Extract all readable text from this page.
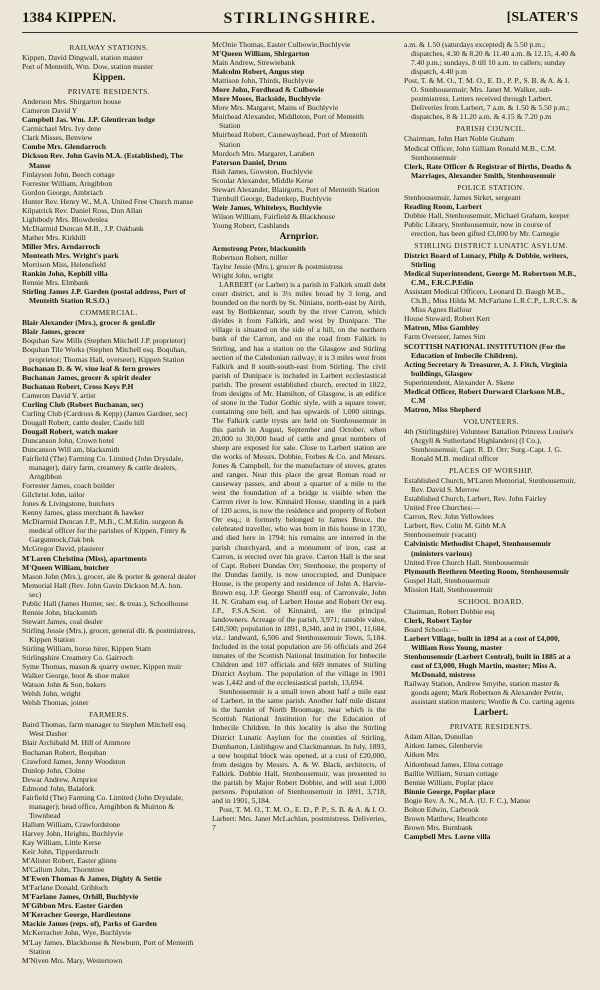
1384 KIPPEN.	STIRLINGSHIRE.	[SLATER'S

RAILWAY STATIONS.

Kippen, David Dingwall, station master

Port of Menteith, Wm. Dow, station master

Kippen.

PRIVATE RESIDENTS.

Anderson Mrs. Shirgarton house

Cameron David Y

Campbell Jas. Wm. J.P. Glentirran lodge

Carmichael Mrs. Ivy dene

Clark Misses, Benview

Combe Mrs. Glendarroch

Dickson Rev. John Gavin M.A. (Established), The Manse

Finlayson John, Beech cottage

Forrester William, Arngibbon

Gordon George, Ambriach

Hunter Rev. Henry W., M.A. United Free Church manse

Kilpatrick Rev. Daniel Ross, Dun Allan

Lightbody Mrs. Blowdenlea

McDiarmid Duncan M.B., J.P. Oakbank

Mather Mrs. Kirkhill

Miller Mrs. Arndarroch

Monteath Mrs. Wright's park

Morrison Miss, Helensfield

Rankin John, Kephill villa

Rennie Mrs. Elmbank

Stirling James J.P. Garden (postal address, Port of Menteith Station R.S.O.)

COMMERCIAL.

Blair Alexander (Mrs.), grocer & genl.dlr

Blair James, grocer

Boquhan Saw Mills (Stephen Mitchell J.P. proprietor)

Boquhan Tile Works (Stephen Mitchell esq. Boquhan, proprietor; Thomas Hall, overseer), Kippen Station

Buchanan D. & W. vine leaf & fern growrs

Buchanan James, grocer & spirit dealer

Buchanan Robert, Cross Keys P.H

Cameron David Y. artist

Curling Club (Robert Buchanan, sec)

Curling Club (Cardross & Kepp) (James Gardner, sec)

Dougall Robert, cattle dealer, Castle hill

Dougall Robert, watch maker

Duncanson John, Crown hotel

Duncanson Will am, blacksmith

Fairfield (The) Farming Co. Limited (John Drysdale, manager), dairy farm, creamery & cattle dealers, Arngibbon

Forrester James, coach builder

Gilchrist John, tailor

Jones & Livingstone, butchers

Kenny James, glass merchant & hawker

McDiarmid Duncan J.P., M.B., C.M.Edin. surgeon & medical officer for the parishes of Kippen, Fintry & Gargunnock,Oak bnk

McGregor David, plasterer

M'Laren Christina (Miss), apartments

M'Queen William, butcher

Mason John (Mrs.), grocer, ale & porter & general dealer

Memorial Hall (Rev. John Gavin Dickson M.A. hon. sec)

Public Hall (James Hunter, sec. & treas.), Schoolhouse

Rennie John, blacksmith

Stewart James, coal dealer

Stirling Jessie (Mrs.), grocer, general dlr. & postmistress, Kippen Station

Stirling William, horse hirer, Kippen Statn

Stirlingshire Creamery Co. Gairroch

Syme Thomas, mason & quarry owner, Kippen muir

Walker George, boot & shoe maker

Watson John & Son, bakers

Welsh John, wright

Welsh Thomas, joiner

FARMERS.

Baird Thomas, farm manager to Stephen Mitchell esq. West Dasher

Blair Archibald M. Hill of Arnmore

Buchanan Robert, Boquhan

Crawford James, Jenny Woodston

Dunlop John, Cloine

Dewar Andrew, Arnprior

Edmond John, Balafork

Fairfield (The) Farming Co. Limited (John Drysdale, manager); head office, Arngibbon & Muirton & Townhead

Hallum William, Crawfordstone

Harvey John, Heights, Buchlyvie

Kay William, Little Kerse

Keir John, Tipperdarroch

M'Alister Robert, Easter glinns

M'Callum John, Thornttree

M'Ewen Thomas & James, Dighty & Settie

M'Farlane Donald, Gribloch

M'Farlane James, Orhill, Buchlyvie

M'Gibbon Mrs. Easter Garden

M'Keracher George, Hardiestone

Mackie James (reps. of), Parks of Garden

McKerracher John, Wye, Buchlyvie

M'Lay James, Blackhouse & Newburn, Port of Menteith Station

M'Niven Mrs. Mary, Westertown

McOnie Thomas, Easter Culbowie,Buchlyvie

M'Queen William, Shirgarton

Main Andrew, Strewiebank

Malcolm Robert, Angus step

Mattison John, Thirds, Buchlyvie

More John, Fordhead & Culbowie

More Moses, Backside, Buchlyvie

More Mrs. Margaret, Mains of Buchlyvie

Muirhead Alexander, Middleton, Port of Menteith Station

Muirhead Robert, Causewayhead, Port of Menteith Station

Murdoch Mrs. Margaret, Laraben

Paterson Daniel, Drum

Rish James, Gowston, Buchlyvie

Scoular Alexander, Middle Kerse

Stewart Alexander, Blairgorts, Port of Menteith Station

Turnbull George, Badenkep, Buchlyvie

Weir James, Whiteleys, Buchlyvie

Wilson William, Fairfield & Blackhouse

Young Robert, Cashlands

Arnprior.

Armstrong Peter, blacksmith

Robertson Robert, miller

Taylor Jessie (Mrs.), grocer & postmistress

Wright John, wright

LARBERT (or Larbet) is a parish in Falkirk small debt court district, and is 3½ miles broad by 3 long, and bounded on the north by St. Ninians, north-east by Airth, east by Bothkennar, south by the river Carron, which divides it from Falkirk, and west by Dunipace. The village is situated on the side of a hill, on the northern bank of the Carron, and on the road from Falkirk to Stirling, and has a station on the Glasgow and Stirling section of the Caledonian railway; it is 3 miles west from Falkirk and 8 south-south-east from Stirling. The civil parish of Dunipace is included in Larbert ecclesiastical parish. The present established church, erected in 1822, from designs of Mr. Hamilton, of Glasgow, is an edifice of stone in the Tudor Gothic style, with a square tower, containing one bell, and has upwards of 1,000 sittings. The Falkirk cattle trysts are held on Stenhousemuir in this parish in August, September and October, when 20,000 to 30,000 head of cattle and great numbers of sheep are exposed for sale. Close to Larbert station are the works of Messrs. Dobbie, Forbes & Co. and Messrs. Jones & Campbell, for the manufacture of stoves, grates and ranges. Near this place the great Roman road or causeway passes, and about a quarter of a mile to the west the foundation of a bridge is visible when the Carron river is low. Kinnaird House, standing in a park of 120 acres, is now the residence and property of Robert Orr esq.; it formerly belonged to James Bruce, the celebrated traveller, who was born in this house in 1730, and died here in 1794; his remains are interred in the parish churchyard, and a monument of iron, cast at Carron, is erected over his grave. Carron Hall is the seat of Capt. Robert Dundas Orr; Stenhouse, the property of the Dundas family, is now unoccupied, and Dunipace House, is the property and residence of John A. Harvie-Brown esq. J.P. George Sheriff esq. of Carronvale, John H. N. Graham esq. of Larbert House and Robert Orr esq. J.P., F.S.A.Scot. of Kinnaird, are the principal landowners. Acreage of the parish, 3,971; rateable value, £40,500; population in 1891, 8,340, and in 1901, 11,684, viz.: landward, 6,506 and Stenhousemuir Town, 5,184. Included in the total population are 56 officials and 264 inmates of the Scottish National Institution for Imbecile Children and 107 officials and 669 inmates of Stirling District Asylum. The population of the village in 1901 was 1,442 and of the ecclesiastical parish, 13,694.

Stenhousemuir is a small town about half a mile east of Larbert, in the same parish. Another half mile distant is the hamlet of North Broomage, near which is the Scottish National Institution for the Education of Imbecile Children. In this locality is also the Stirling District Lunatic Asylum for the counties of Stirling, Dumbarton, Linlithgow and Clackmannan. In July, 1893, a new hospital block was opened, at a cost of £20,000, from designs by Messrs. A. & W. Black, architects, of Falkirk. Dobbie Hall, Stenhousemuir, was presented to the parish by Major Robert Dobbie, and will seat 1,000 persons. Population of Stenhousemuir in 1891, 3,718, and in 1901, 5,184.

Post, T. M. O., T. M. O., E. D., P. P., S. B. & A. & I. O. Larbert: Mrs. Janet McLachlan, postmistress. Deliveries, 7

a.m. & 1.50 (saturdays excepted) & 5.50 p.m.; dispatches, 4.30 & 8.20 & 11.40 a.m. & 12.15, 4.40 & 7.40 p.m.; sundays, 8 till 10 a.m. to callers; sunday dispatch, 4.40 p.m

Post, T. & M. O., T. M. O., E. D., P. P., S. B. & A. & I. O. Stenhousemuir; Mrs. Janet M. Walker, sub-postmistress. Letters received through Larbert. Deliveries from Larbert, 7 a.m. & 1.50 & 5.50 p.m.; dispatches, 8 & 11.20 a.m. & 4.15 & 7.20 p.m

PARISH COUNCIL.

Chairman, John Hart Noble Graham

Medical Officer, John Gilliam Ronald M.B., C.M. Stenhousemuir

Clerk, Rate Officer & Registrar of Births, Deaths & Marriages, Alexander Smith, Stenhousemuir

POLICE STATION.

Stenhousemuir, James Sirket, sergeant

Reading Room, Larbert

Dobbie Hall, Stenhousemuir, Michael Graham, keeper

Public Library, Stenhousemuir, now in course of erection, has been gifted £3,000 by Mr. Carnegie

STIRLING DISTRICT LUNATIC ASYLUM.

District Board of Lunacy, Philp & Dobbie, writers, Stirling

Medical Superintendent, George M. Robertson M.B., C.M., F.R.C.P.Edin

Assistant Medical Officers, Leonard D. Baugh M.B., Ch.B.; Miss Hilda M. McFarlane L.R.C.P., L.R.C.S. & Miss Agnes Balfour

House Steward, Robert Kerr

Matron, Miss Gambley

Farm Overseer, James Sim

SCOTTISH NATIONAL INSTITUTION (For the Education of Imbecile Children).

Acting Secretary & Treasurer, A. J. Fitch, Virginia buildings, Glasgow

Superintendent, Alexander A. Skene

Medical Officer, Robert Durward Clarkson M.B., C.M

Matron, Miss Shepherd

VOLUNTEERS.

4th (Stirlingshire) Volunteer Battalion Princess Louise's (Argyll & Sutherland Highlanders) (I Co.), Stenhousemuir, Capt. R. D. Orr; Surg.-Capt. J. G. Ronald M.B. medical officer

PLACES OF WORSHIP.

Established Church, M'Laren Memorial, Stenhousemuir, Rev. David S. Merrow

Established Church, Larbert, Rev. John Fairley

United Free Churches:—

Carron, Rev. John Yellowlees

Larbert, Rev. Colin M. Gibb M.A

Stenhousemuir (vacant)

Calvinistic Methodist Chapel, Stenhousemuir (ministers various)

United Free Church Hall, Stenhousemuir

Plymouth Brethren Meeting Room, Stenhousemuir

Gospel Hall, Stenhousemuir

Mission Hall, Stenhousemuir

SCHOOL BOARD.

Chairman, Robert Dobbie esq

Clerk, Robert Taylor

Board Schools:—

Larbert Village, built in 1894 at a cost of £4,000, William Ross Young, master

Stenhousemuir (Larbert Central), built in 1885 at a cost of £3,000, Hugh Martin, master; Miss A. McDonald, mistress

Railway Station, Andrew Smythe, station master & goods agent; Mark Robertson & Alexander Petrie, assistant station masters; Wordie & Co. carting agents

Larbert.

PRIVATE RESIDENTS.

Adam Allan, Dunullan

Aitken James, Glenbervie

Aitken Mrs

Aitkenhead James, Elina cottage

Baillie William, Struan cottage

Bennie William, Poplar place

Binnie George, Poplar place

Bogie Rev. A. N., M.A. (U. F. C.), Manse

Bolton Edwin, Carbrook

Brown Matthew, Heathcote

Brown Mrs. Burnbank

Campbell Mrs. Lorne villa
